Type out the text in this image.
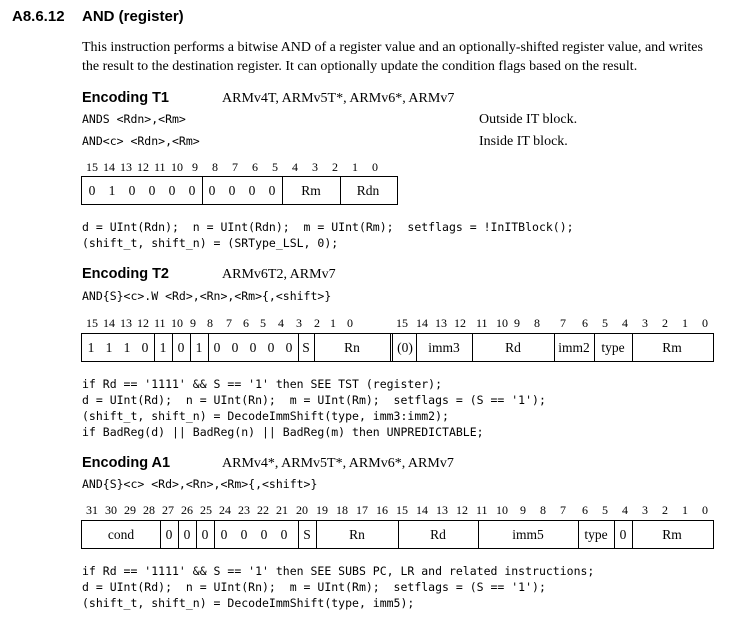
A8.6.12 AND (register)
This instruction performs a bitwise AND of a register value and an optionally-shifted register value, and writes the result to the destination register. It can optionally update the condition flags based on the result.
Encoding T1	ARMv4T, ARMv5T*, ARMv6*, ARMv7
ANDS <Rdn>,<Rm>	Outside IT block.
AND<c> <Rdn>,<Rm>	Inside IT block.
15 14 13 12 11 10 9 8 7 6 5 4 3 2 1 0
0 1 0 0 0 0 0 0 0 0	Rm	Rdn
d = UInt(Rdn);  n = UInt(Rdn);  m = UInt(Rm);  setflags = !InITBlock();
(shift_t, shift_n) = (SRType_LSL, 0);
Encoding T2	ARMv6T2, ARMv7
AND{S}<c>.W <Rd>,<Rn>,<Rm>{,<shift>}
15 14 13 12 11 10 9 8 7 6 5 4 3 2 1 0	15 14 13 12 11 10 9 8 7 6 5 4 3 2 1 0
1 1 1 0 1 0 1 0 0 0 0 0 S	Rn	(0)	imm3	Rd	imm2 type	Rm
if Rd == '1111' && S == '1' then SEE TST (register);
d = UInt(Rd);  n = UInt(Rn);  m = UInt(Rm);  setflags = (S == '1');
(shift_t, shift_n) = DecodeImmShift(type, imm3:imm2);
if BadReg(d) || BadReg(n) || BadReg(m) then UNPREDICTABLE;
Encoding A1	ARMv4*, ARMv5T*, ARMv6*, ARMv7
AND{S}<c> <Rd>,<Rn>,<Rm>{,<shift>}
31 30 29 28 27 26 25 24 23 22 21 20 19 18 17 16 15 14 13 12 11 10 9 8 7 6 5 4 3 2 1 0
cond	0 0 0 0 0 0 0	S	Rn	Rd	imm5	type 0	Rm
if Rd == '1111' && S == '1' then SEE SUBS PC, LR and related instructions;
d = UInt(Rd);  n = UInt(Rn);  m = UInt(Rm);  setflags = (S == '1');
(shift_t, shift_n) = DecodeImmShift(type, imm5);
